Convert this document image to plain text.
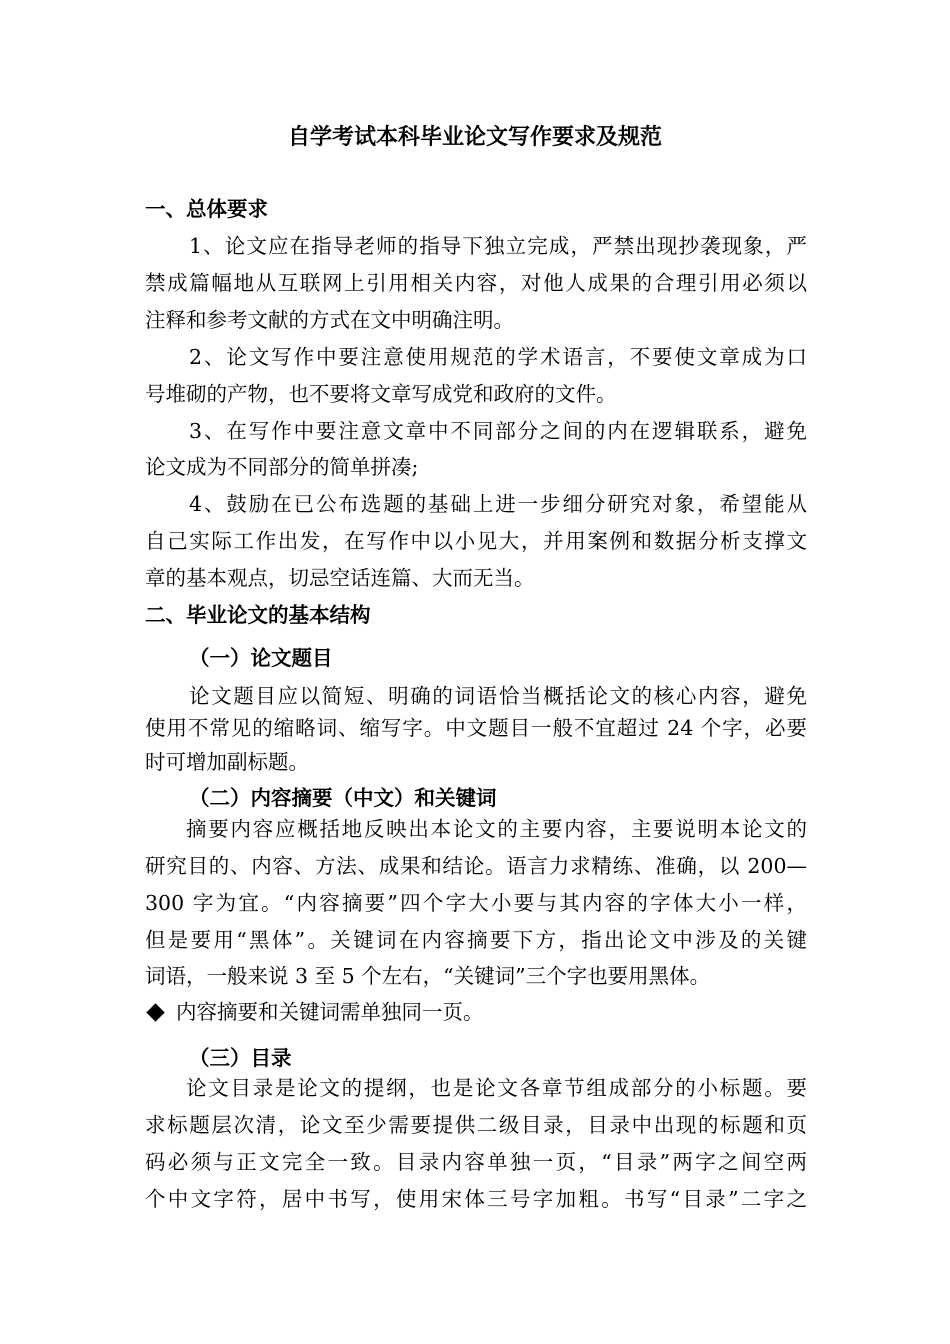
自学考试本科毕业论文写作要求及规范
一、总体要求
1、论文应在指导老师的指导下独立完成，严禁出现抄袭现象，严
禁成篇幅地从互联网上引用相关内容，对他人成果的合理引用必须以
注释和参考文献的方式在文中明确注明。
2、论文写作中要注意使用规范的学术语言，不要使文章成为口
号堆砌的产物，也不要将文章写成党和政府的文件。
3、在写作中要注意文章中不同部分之间的内在逻辑联系，避免
论文成为不同部分的简单拼凑;
4、鼓励在已公布选题的基础上进一步细分研究对象，希望能从
自己实际工作出发，在写作中以小见大，并用案例和数据分析支撑文
章的基本观点，切忌空话连篇、大而无当。
二、毕业论文的基本结构
（一）论文题目
论文题目应以简短、明确的词语恰当概括论文的核心内容，避免
使用不常见的缩略词、缩写字。中文题目一般不宜超过 24 个字，必要
时可增加副标题。
（二）内容摘要（中文）和关键词
摘要内容应概括地反映出本论文的主要内容，主要说明本论文的
研究目的、内容、方法、成果和结论。语言力求精练、准确，以 200—
300 字为宜。“内容摘要”四个字大小要与其内容的字体大小一样，
但是要用“黑体”。关键词在内容摘要下方，指出论文中涉及的关键
词语，一般来说 3 至 5 个左右，“关键词”三个字也要用黑体。
内容摘要和关键词需单独同一页。
（三）目录
论文目录是论文的提纲，也是论文各章节组成部分的小标题。要
求标题层次清，论文至少需要提供二级目录，目录中出现的标题和页
码必须与正文完全一致。目录内容单独一页，“目录”两字之间空两
个中文字符，居中书写，使用宋体三号字加粗。书写“目录”二字之
